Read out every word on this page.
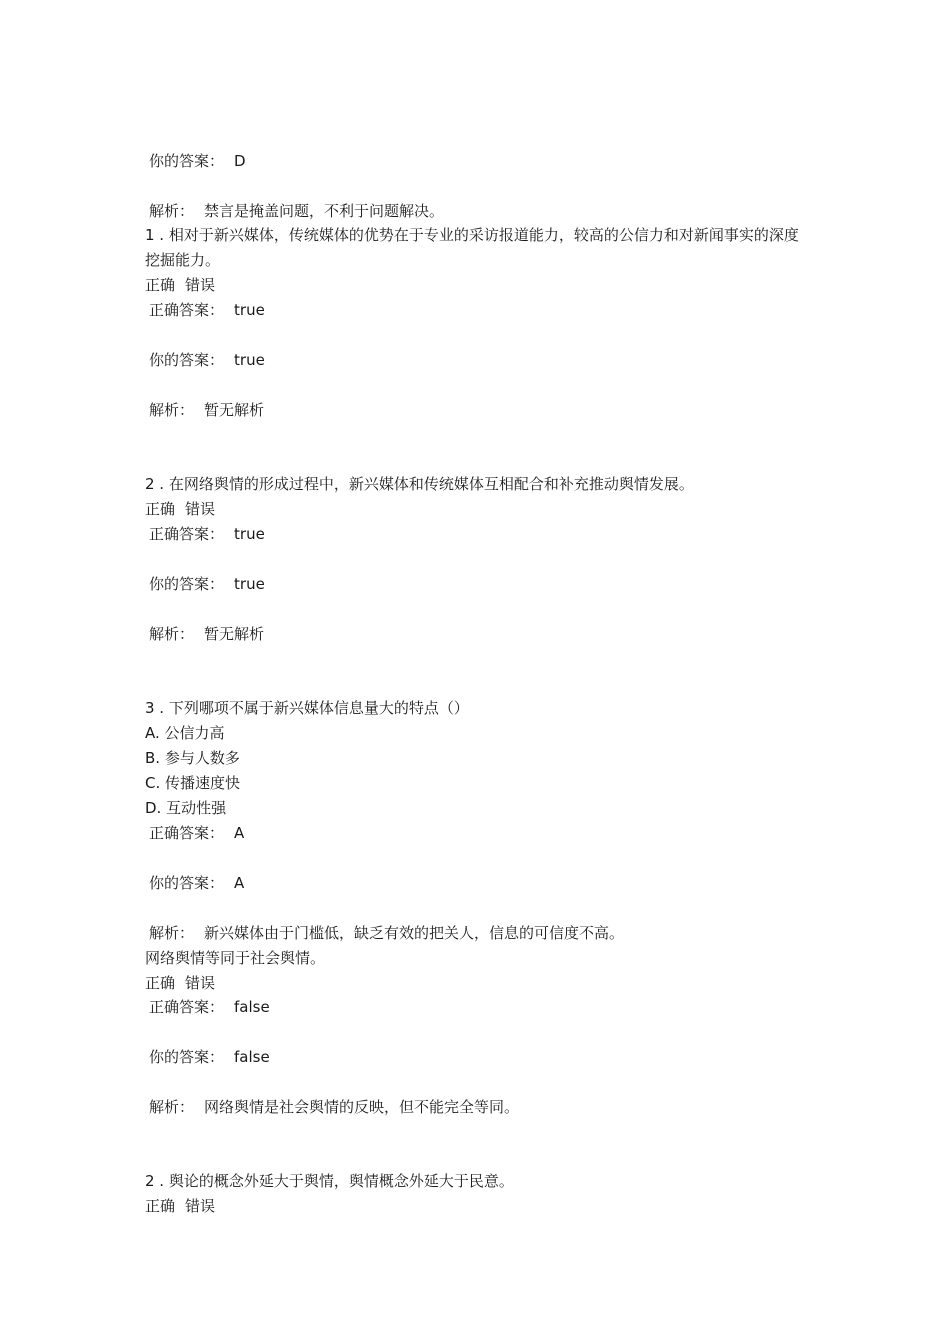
你的答案： D
解析： 禁言是掩盖问题，不利于问题解决。
1 . 相对于新兴媒体，传统媒体的优势在于专业的采访报道能力，较高的公信力和对新闻事实的深度挖掘能力。
正确 错误
正确答案： true
你的答案： true
解析： 暂无解析
2 . 在网络舆情的形成过程中，新兴媒体和传统媒体互相配合和补充推动舆情发展。
正确 错误
正确答案： true
你的答案： true
解析： 暂无解析
3 . 下列哪项不属于新兴媒体信息量大的特点（）
A. 公信力高
B. 参与人数多
C. 传播速度快
D. 互动性强
正确答案： A
你的答案： A
解析： 新兴媒体由于门槛低，缺乏有效的把关人，信息的可信度不高。
网络舆情等同于社会舆情。
正确 错误
正确答案： false
你的答案： false
解析： 网络舆情是社会舆情的反映，但不能完全等同。
2 . 舆论的概念外延大于舆情，舆情概念外延大于民意。
正确 错误
